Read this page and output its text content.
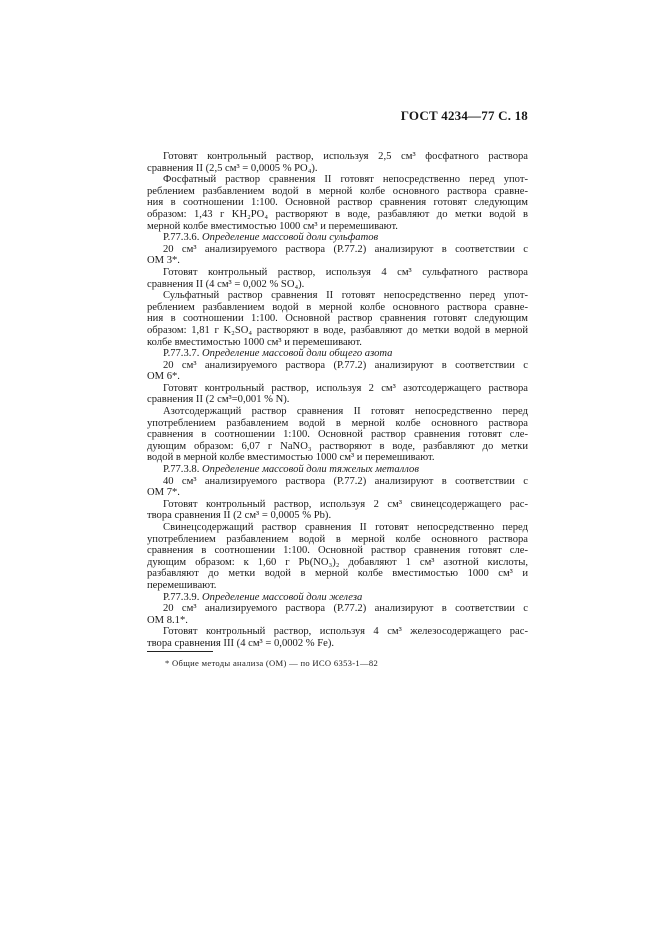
ГОСТ 4234—77 С. 18
Готовят контрольный раствор, используя 2,5 см³ фосфатного раствора
сравнения II (2,5 см³ = 0,0005 % PO₄).
Фосфатный раствор сравнения II готовят непосредственно перед упот-
реблением разбавлением водой в мерной колбе основного раствора сравне-
ния в соотношении 1:100. Основной раствор сравнения готовят следующим
образом: 1,43 г KH₂PO₄ растворяют в воде, разбавляют до метки водой в
мерной колбе вместимостью 1000 см³ и перемешивают.
Р.77.3.6. Определение массовой доли сульфатов
20 см³ анализируемого раствора (Р.77.2) анализируют в соответствии с
ОМ 3*.
Готовят контрольный раствор, используя 4 см³ сульфатного раствора
сравнения II (4 см³ = 0,002 % SO₄).
Сульфатный раствор сравнения II готовят непосредственно перед упот-
реблением разбавлением водой в мерной колбе основного раствора сравне-
ния в соотношении 1:100. Основной раствор сравнения готовят следующим
образом: 1,81 г K₂SO₄ растворяют в воде, разбавляют до метки водой в мерной
колбе вместимостью 1000 см³ и перемешивают.
Р.77.3.7. Определение массовой доли общего азота
20 см³ анализируемого раствора (Р.77.2) анализируют в соответствии с
ОМ 6*.
Готовят контрольный раствор, используя 2 см³ азотсодержащего раствора
сравнения II (2 см³=0,001 % N).
Азотсодержащий раствор сравнения II готовят непосредственно перед
употреблением разбавлением водой в мерной колбе основного раствора
сравнения в соотношении 1:100. Основной раствор сравнения готовят сле-
дующим образом: 6,07 г NaNO₃ растворяют в воде, разбавляют до метки
водой в мерной колбе вместимостью 1000 см³ и перемешивают.
Р.77.3.8. Определение массовой доли тяжелых металлов
40 см³ анализируемого раствора (Р.77.2) анализируют в соответствии с
ОМ 7*.
Готовят контрольный раствор, используя 2 см³ свинецсодержащего рас-
твора сравнения II (2 см³ = 0,0005 % Pb).
Свинецсодержащий раствор сравнения II готовят непосредственно перед
употреблением разбавлением водой в мерной колбе основного раствора
сравнения в соотношении 1:100. Основной раствор сравнения готовят сле-
дующим образом: к 1,60 г Pb(NO₃)₂ добавляют 1 см³ азотной кислоты,
разбавляют до метки водой в мерной колбе вместимостью 1000 см³ и
перемешивают.
Р.77.3.9. Определение массовой доли железа
20 см³ анализируемого раствора (Р.77.2) анализируют в соответствии с
ОМ 8.1*.
Готовят контрольный раствор, используя 4 см³ железосодержащего рас-
твора сравнения III (4 см³ = 0,0002 % Fe).
* Общие методы анализа (ОМ) — по ИСО 6353-1—82
